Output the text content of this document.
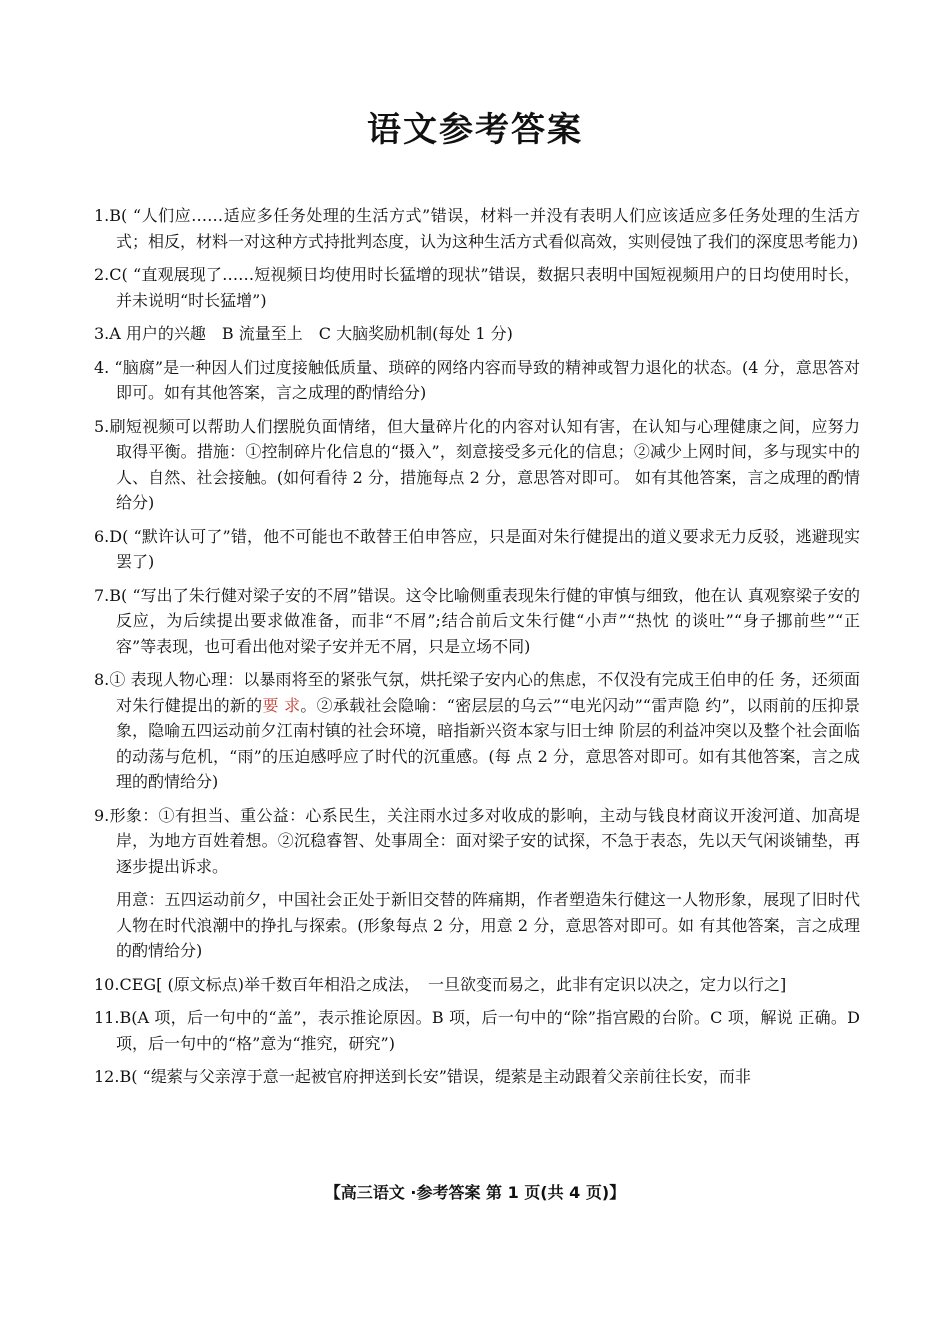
语文参考答案
1.B( “人们应……适应多任务处理的生活方式”错误，材料一并没有表明人们应该适应多任务处理的生活方式；相反，材料一对这种方式持批判态度，认为这种生活方式看似高效，实则侵蚀了我们的深度思考能力)
2.C( “直观展现了……短视频日均使用时长猛增的现状”错误，数据只表明中国短视频用户的日均使用时长，并未说明“时长猛增”)
3.A 用户的兴趣　B 流量至上　C 大脑奖励机制(每处 1 分)
4. “脑腐”是一种因人们过度接触低质量、琐碎的网络内容而导致的精神或智力退化的状态。(4 分，意思答对即可。如有其他答案，言之成理的酌情给分)
5.刷短视频可以帮助人们摆脱负面情绪，但大量碎片化的内容对认知有害，在认知与心理健康之间，应努力取得平衡。措施：①控制碎片化信息的“摄入”，刻意接受多元化的信息；②减少上网时间，多与现实中的人、自然、社会接触。(如何看待 2 分，措施每点 2 分，意思答对即可。 如有其他答案，言之成理的酌情给分)
6.D( “默许认可了”错，他不可能也不敢替王伯申答应，只是面对朱行健提出的道义要求无力反驳，逃避现实罢了)
7.B( “写出了朱行健对梁子安的不屑”错误。这令比喻侧重表现朱行健的审慎与细致，他在认 真观察梁子安的反应，为后续提出要求做准备，而非“不屑”;结合前后文朱行健“小声”“热忱 的谈吐”“身子挪前些”“正容”等表现，也可看出他对梁子安并无不屑，只是立场不同)
8.① 表现人物心理：以暴雨将至的紧张气氛，烘托梁子安内心的焦虑，不仅没有完成王伯申的任 务，还须面对朱行健提出的新的要 求。②承载社会隐喻：“密层层的乌云”“电光闪动”“雷声隐 约”，以雨前的压抑景象，隐喻五四运动前夕江南村镇的社会环境，暗指新兴资本家与旧士绅 阶层的利益冲突以及整个社会面临的动荡与危机，“雨”的压迫感呼应了时代的沉重感。(每 点 2 分，意思答对即可。如有其他答案，言之成理的酌情给分)
9.形象：①有担当、重公益：心系民生，关注雨水过多对收成的影响，主动与钱良材商议开浚河道、加高堤岸，为地方百姓着想。②沉稳睿智、处事周全：面对梁子安的试探，不急于表态，先以天气闲谈铺垫，再逐步提出诉求。
用意：五四运动前夕，中国社会正处于新旧交替的阵痛期，作者塑造朱行健这一人物形象，展现了旧时代人物在时代浪潮中的挣扎与探索。(形象每点 2 分，用意 2 分，意思答对即可。如 有其他答案，言之成理的酌情给分)
10.CEG[ (原文标点)举千数百年相沿之成法，　一旦欲变而易之，此非有定识以决之，定力以行之]
11.B(A 项，后一句中的“盖”，表示推论原因。B 项，后一句中的“除”指宫殿的台阶。C 项，解说 正确。D 项，后一句中的“格”意为“推究，研究”)
12.B( “缇萦与父亲淳于意一起被官府押送到长安”错误，缇萦是主动跟着父亲前往长安，而非
【高三语文 ·参考答案 第 1 页(共 4 页)】
